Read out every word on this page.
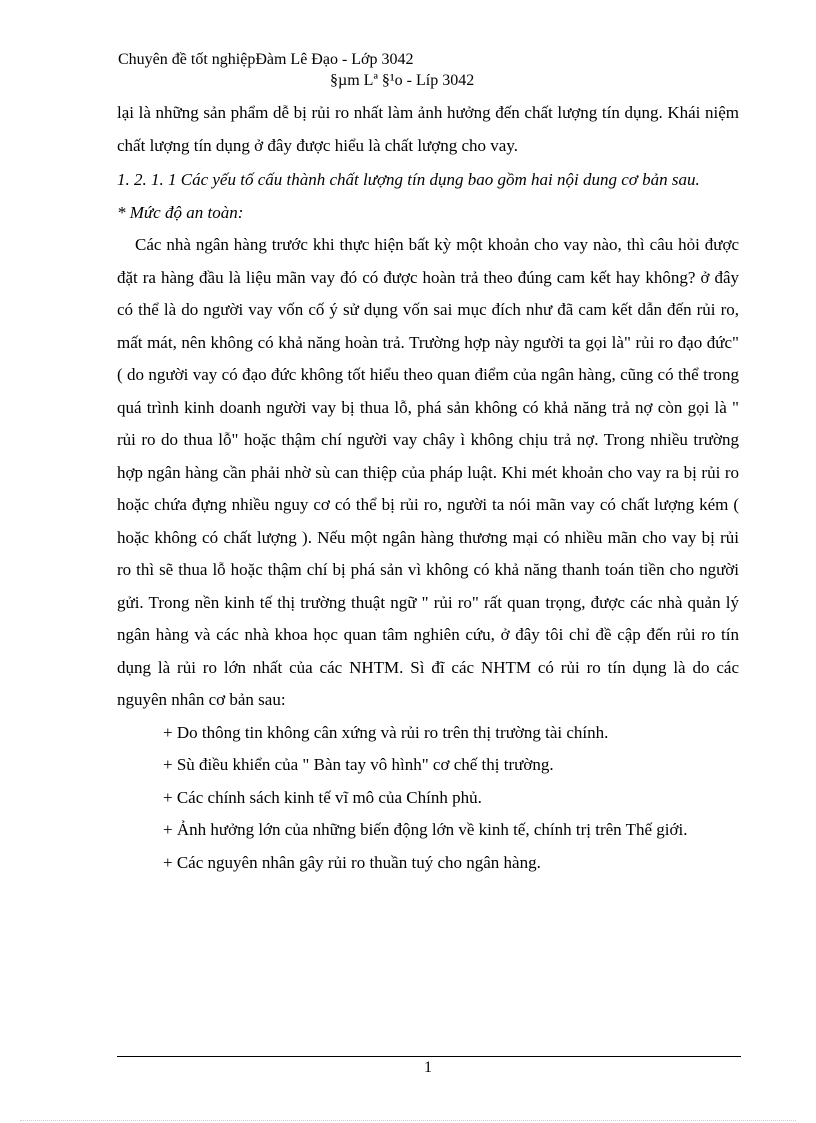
Chuyên đề tốt nghiệpĐàm Lê Đạo - Lớp 3042
§µm Lª §¹o - Líp 3042

lại là những sản phẩm dễ bị rủi ro nhất làm ảnh hưởng đến chất lượng tín dụng. Khái niệm chất lượng tín dụng ở đây được hiểu là chất lượng cho vay.

1. 2. 1. 1 Các yếu tố cấu thành chất lượng tín dụng bao gồm hai nội dung cơ bản sau.

* Mức độ an toàn:

Các nhà ngân hàng trước khi thực hiện bất kỳ một khoản cho vay nào, thì câu hỏi được đặt ra hàng đầu là liệu mãn vay đó có được hoàn trả theo đúng cam kết hay không? ở đây có thể là do người vay vốn cố ý sử dụng vốn sai mục đích như đã cam kết dẫn đến rủi ro, mất mát, nên không có khả năng hoàn trả. Trường hợp này người ta gọi là" rủi ro đạo đức" ( do người vay có đạo đức không tốt hiểu theo quan điểm của ngân hàng, cũng có thể trong quá trình kinh doanh người vay bị thua lỗ, phá sản không có khả năng trả nợ còn gọi là " rủi ro do thua lỗ" hoặc thậm chí người vay chây ì không chịu trả nợ. Trong nhiều trường hợp ngân hàng cần phải nhờ sù can thiệp của pháp luật. Khi mét khoản cho vay ra bị rủi ro hoặc chứa đựng nhiều nguy cơ có thể bị rủi ro, người ta nói mãn vay có chất lượng kém ( hoặc không có chất lượng ). Nếu một ngân hàng thương mại có nhiều mãn cho vay bị rủi ro thì sẽ thua lỗ hoặc thậm chí bị phá sản vì không có khả năng thanh toán tiền cho người gửi. Trong nền kinh tế thị trường thuật ngữ " rủi ro" rất quan trọng, được các nhà quản lý ngân hàng và các nhà khoa học quan tâm nghiên cứu, ở đây tôi chỉ đề cập đến rủi ro tín dụng là rủi ro lớn nhất của các NHTM. Sì đĩ các NHTM có rủi ro tín dụng là do các nguyên nhân cơ bản sau:

+ Do thông tin không cân xứng và rủi ro trên thị trường tài chính.

+ Sù điều khiển của " Bàn tay vô hình" cơ chế thị trường.

+ Các chính sách kinh tế vĩ mô của Chính phủ.

+ Ảnh hưởng lớn của những biến động lớn về kinh tế, chính trị trên Thế giới.

+ Các nguyên nhân gây rủi ro thuần tuý cho ngân hàng.

1
